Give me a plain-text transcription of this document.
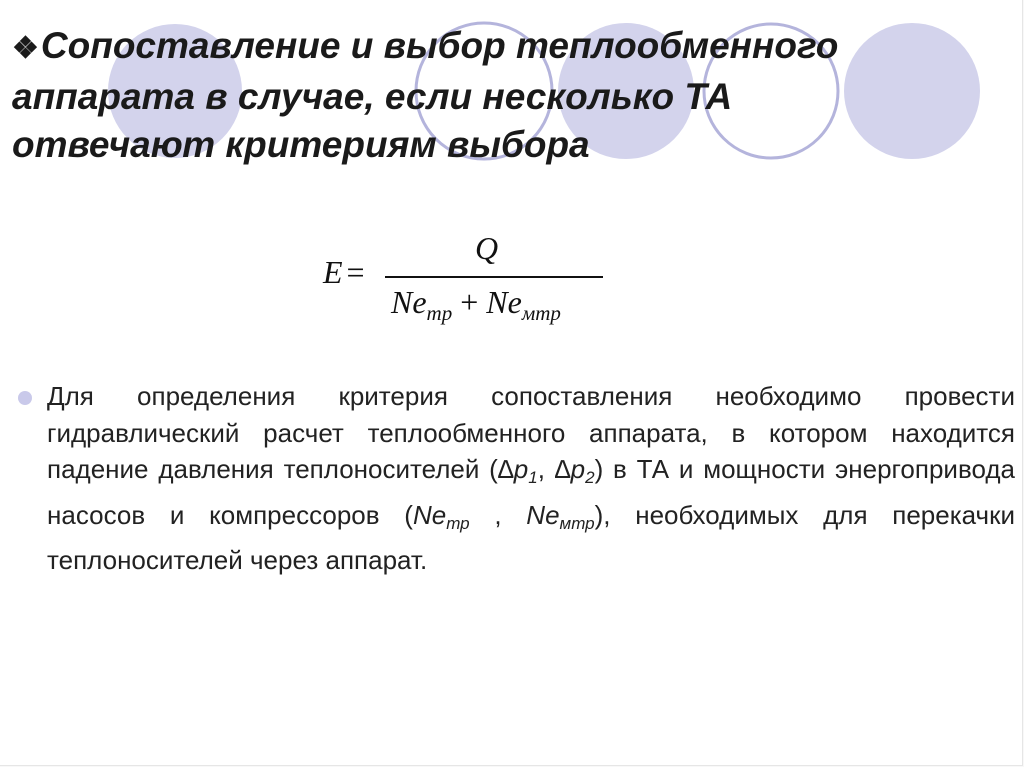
❖Сопоставление и выбор теплообменного
аппарата в случае, если несколько ТА
отвечают критериям выбора
E =
Q
$Ne_{тр} + Ne_{мтр}$

Для определения критерия сопоставления необходимо провести гидравлический расчет теплообменного аппарата, в котором находится падение давления теплоносителей ($\Delta p_1$, $\Delta p_2$) в ТА и мощности энергопривода насосов и компрессоров ($Ne_{тр}$ , $Ne_{мтр}$), необходимых для перекачки теплоносителей через аппарат.
